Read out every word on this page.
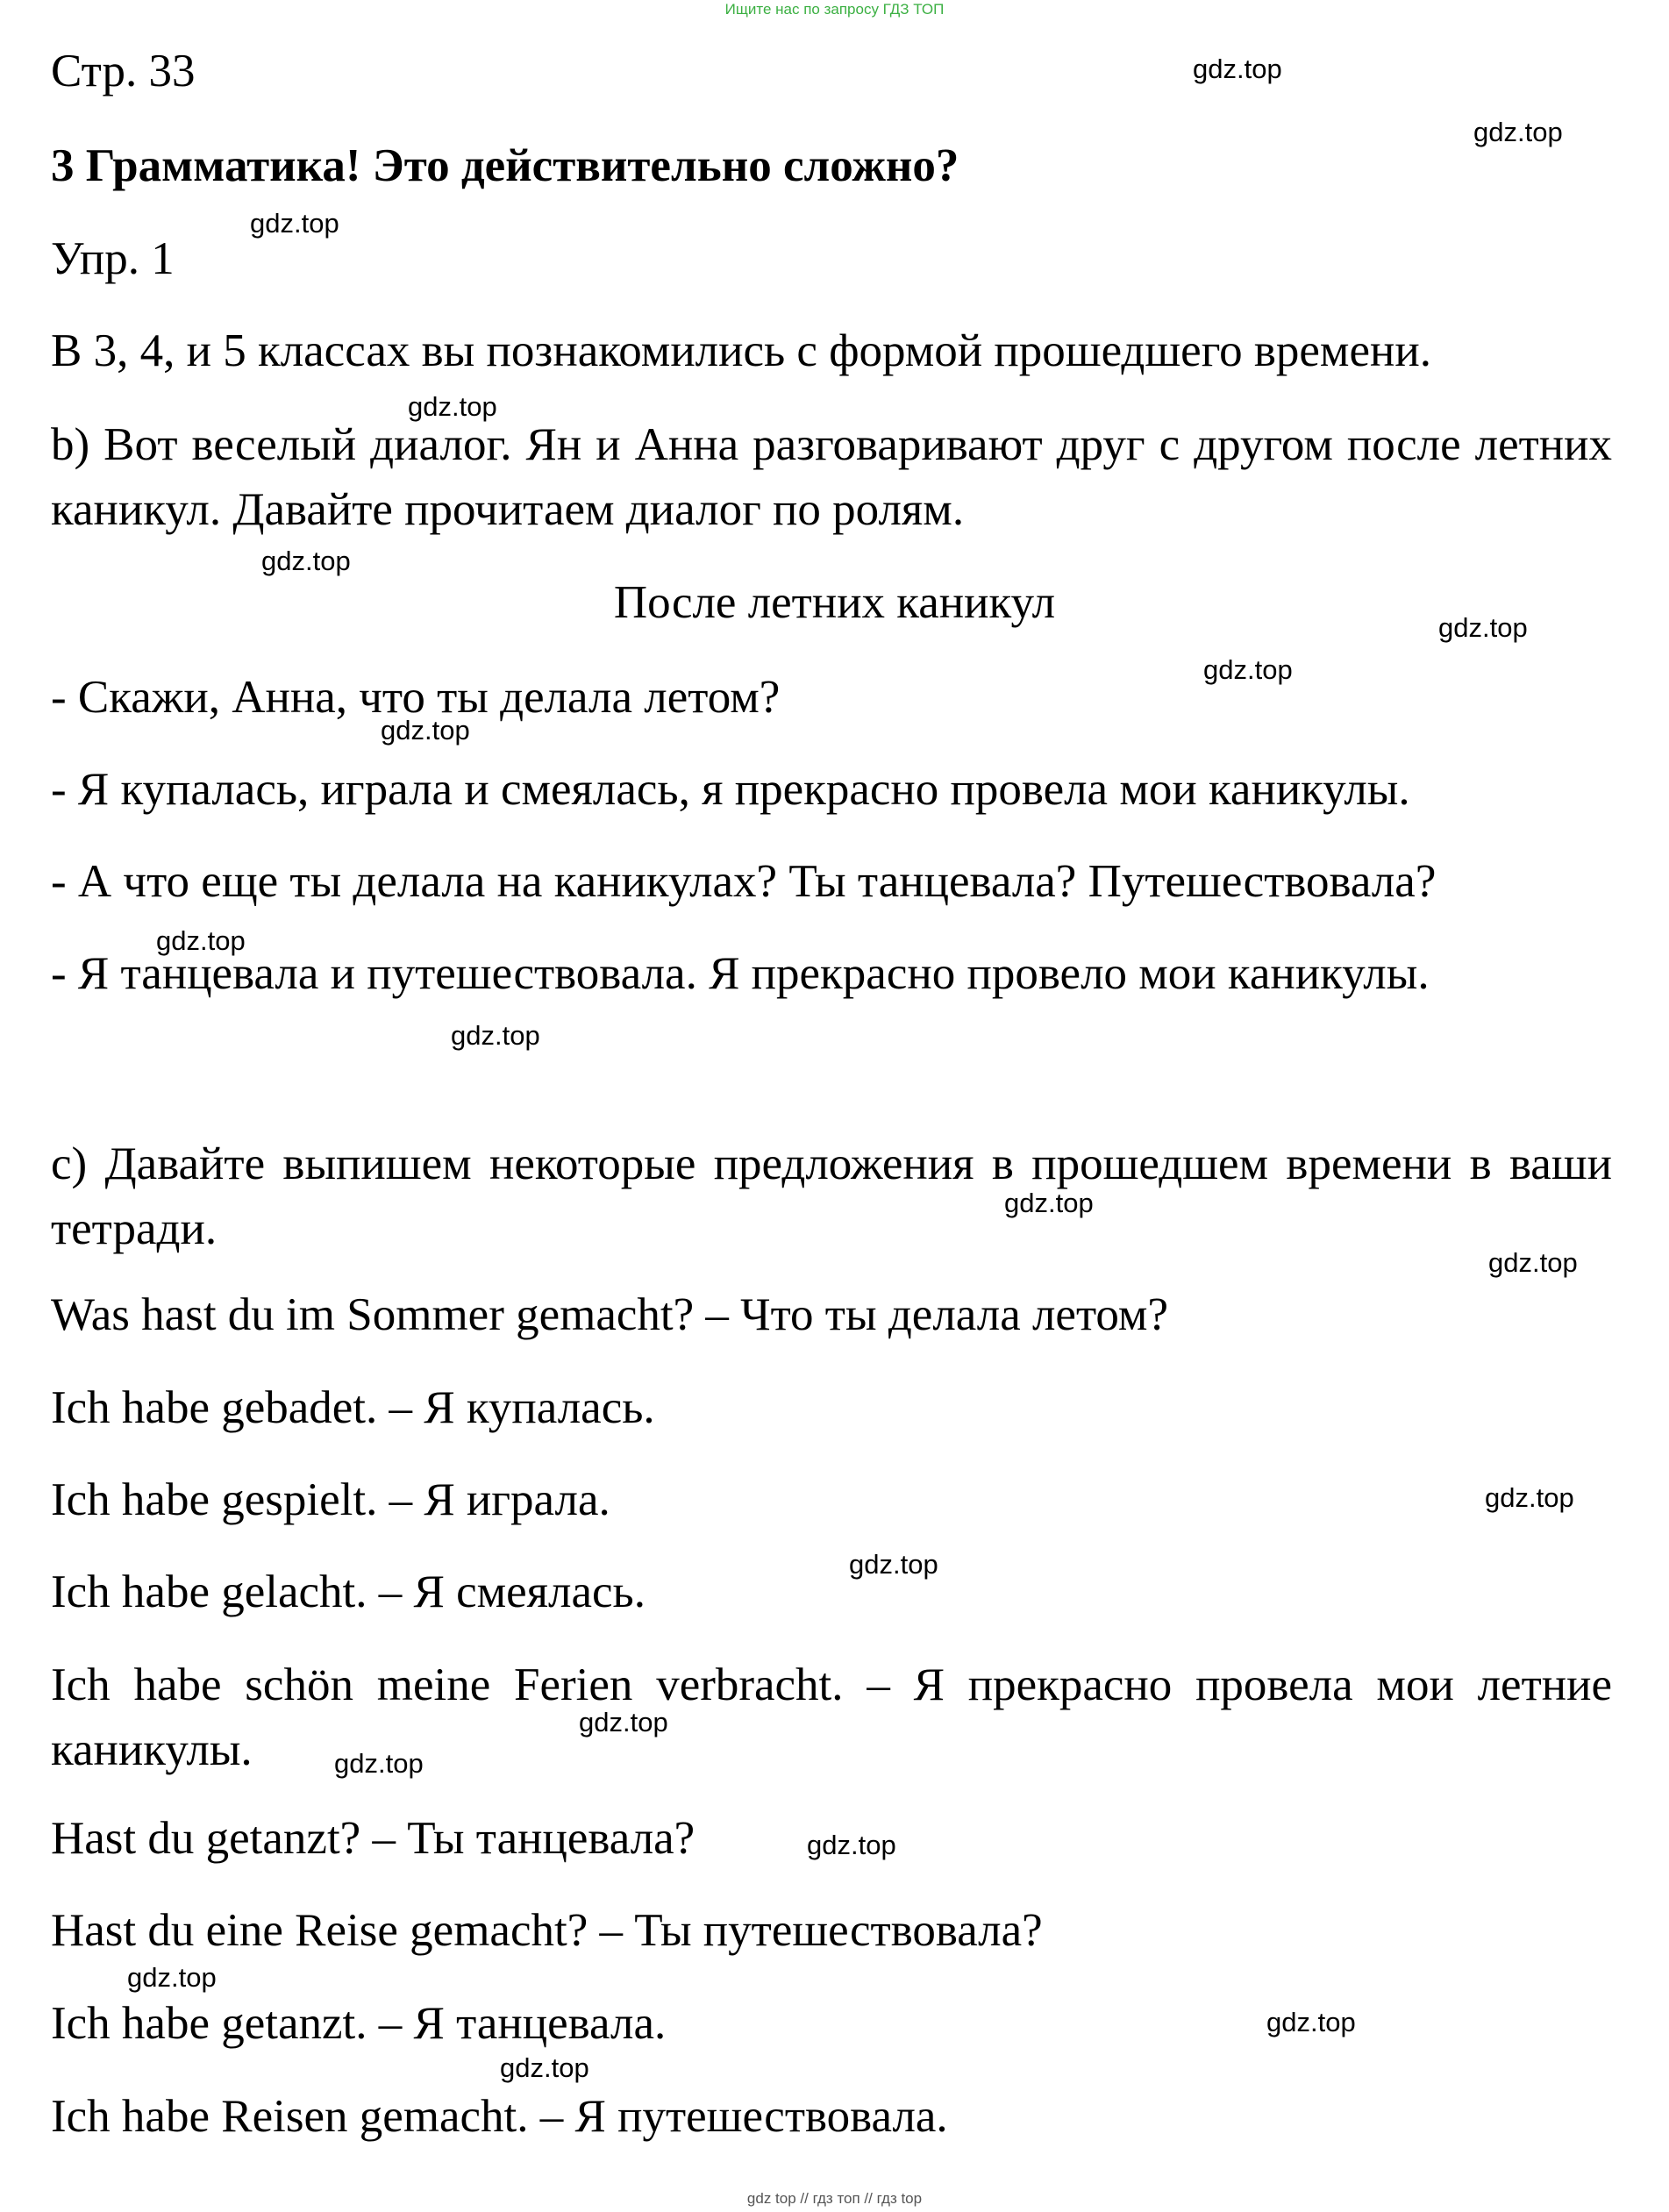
Ищите нас по запросу ГДЗ ТОП

Стр. 33

3 Грамматика! Это действительно сложно?

Упр. 1

В 3, 4, и 5 классах вы познакомились с формой прошедшего времени.

b) Вот веселый диалог. Ян и Анна разговаривают друг с другом после летних каникул. Давайте прочитаем диалог по ролям.

После летних каникул

- Скажи, Анна, что ты делала летом?

- Я купалась, играла и смеялась, я прекрасно провела мои каникулы.

- А что еще ты делала на каникулах? Ты танцевала? Путешествовала?

- Я танцевала и путешествовала. Я прекрасно провело мои каникулы.

c) Давайте выпишем некоторые предложения в прошедшем времени в ваши тетради.

Was hast du im Sommer gemacht? – Что ты делала летом?

Ich habe gebadet. – Я купалась.

Ich habe gespielt. – Я играла.

Ich habe gelacht. – Я смеялась.

Ich habe schön meine Ferien verbracht. – Я прекрасно провела мои летние каникулы.

Hast du getanzt? – Ты танцевала?

Hast du eine Reise gemacht? – Ты путешествовала?

Ich habe getanzt. – Я танцевала.

Ich habe Reisen gemacht. – Я путешествовала.

gdz.top
gdz.top
gdz.top
gdz.top
gdz.top
gdz.top
gdz.top
gdz.top
gdz.top
gdz.top
gdz.top
gdz.top
gdz.top
gdz.top
gdz.top
gdz.top
gdz.top
gdz.top
gdz.top
gdz.top
gdz top // гдз топ // гдз top
